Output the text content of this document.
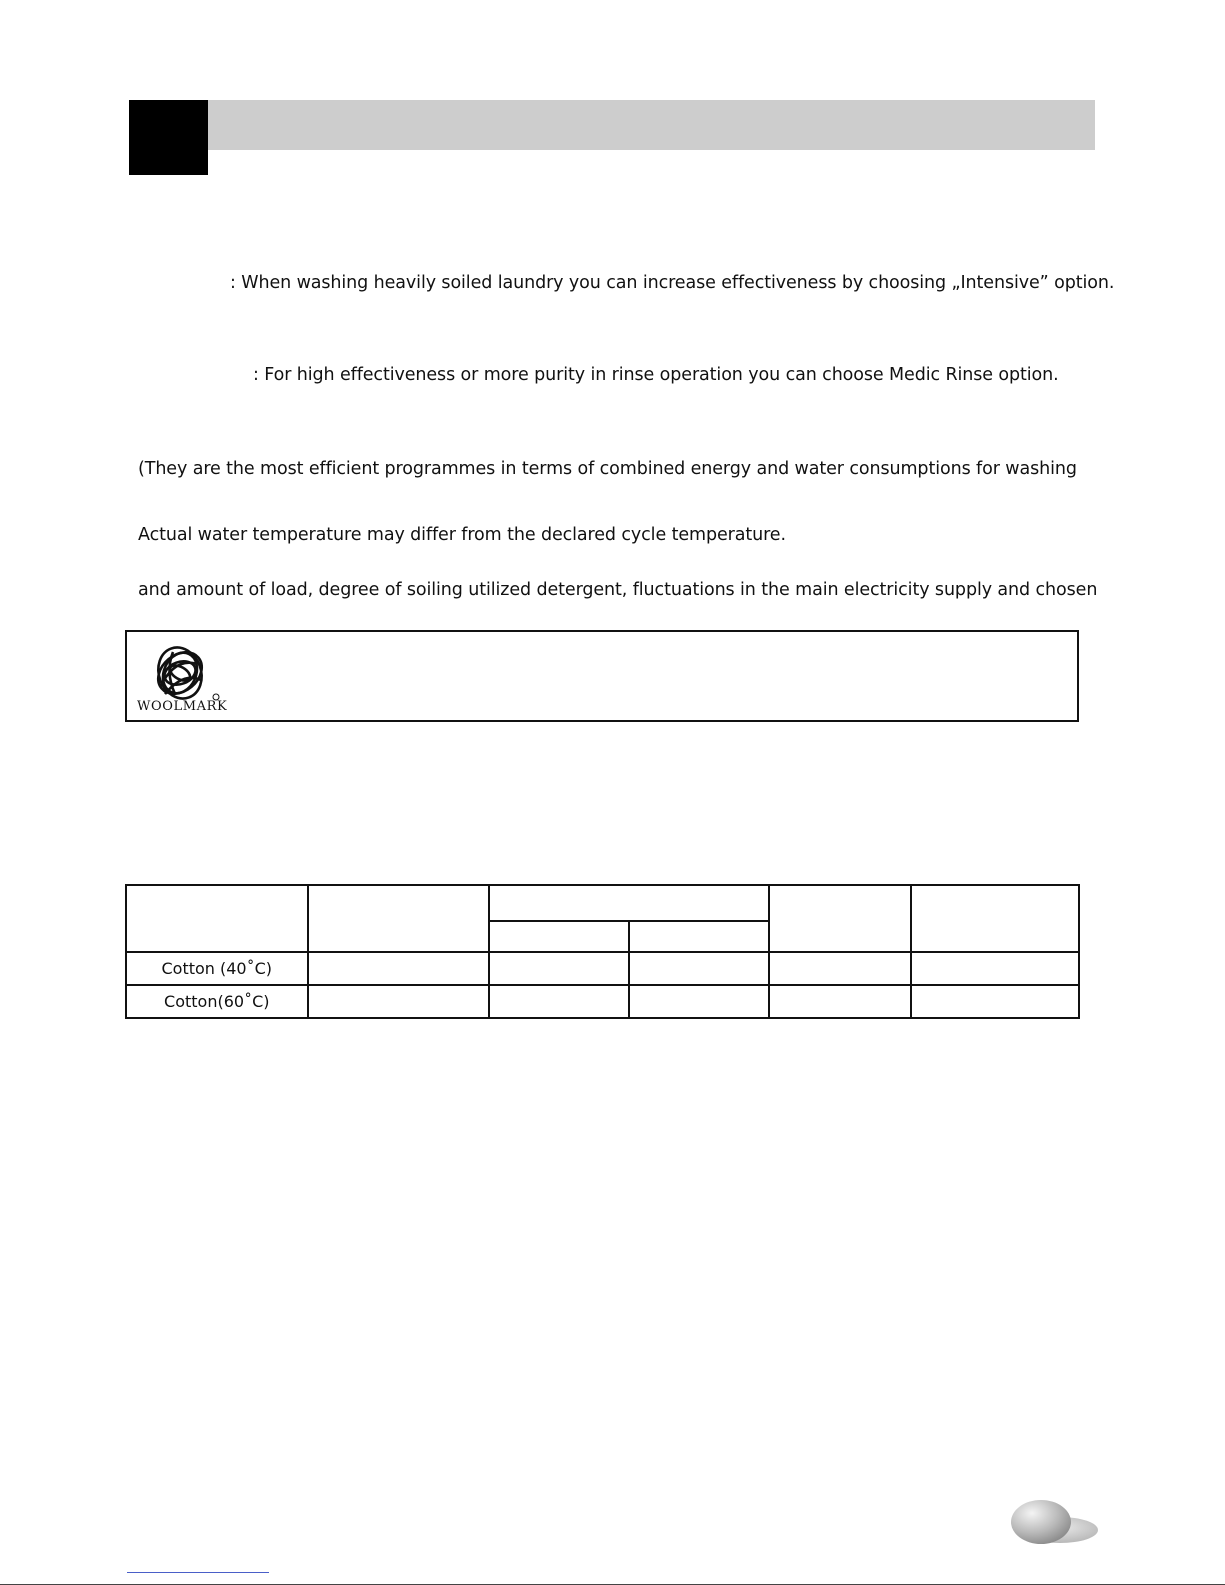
: When washing heavily soiled laundry you can increase effectiveness by choosing „Intensive” option.
: For high effectiveness or more purity in rinse operation you can choose Medic Rinse option.
(They are the most efficient programmes in terms of combined energy and water consumptions for washing
Actual water temperature may differ from the declared cycle temperature.
and amount of load, degree of soiling utilized detergent, fluctuations in the main electricity supply and chosen
WOOLMARK

Cotton (40˚C)					
Cotton(60˚C)					
